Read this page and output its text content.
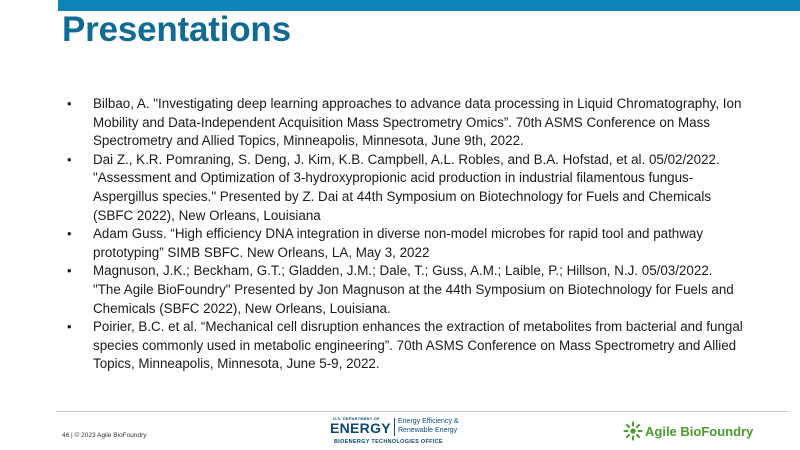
Presentations
• Bilbao, A. "Investigating deep learning approaches to advance data processing in Liquid Chromatography, Ion Mobility and Data-Independent Acquisition Mass Spectrometry Omics”. 70th ASMS Conference on Mass Spectrometry and Allied Topics, Minneapolis, Minnesota, June 9th, 2022.
• Dai Z., K.R. Pomraning, S. Deng, J. Kim, K.B. Campbell, A.L. Robles, and B.A. Hofstad, et al. 05/02/2022. "Assessment and Optimization of 3-hydroxypropionic acid production in industrial filamentous fungus-Aspergillus species." Presented by Z. Dai at 44th Symposium on Biotechnology for Fuels and Chemicals (SBFC 2022), New Orleans, Louisiana
• Adam Guss. “High efficiency DNA integration in diverse non-model microbes for rapid tool and pathway prototyping” SIMB SBFC. New Orleans, LA, May 3, 2022
• Magnuson, J.K.; Beckham, G.T.; Gladden, J.M.; Dale, T.; Guss, A.M.; Laible, P.; Hillson, N.J. 05/03/2022. "The Agile BioFoundry" Presented by Jon Magnuson at the 44th Symposium on Biotechnology for Fuels and Chemicals (SBFC 2022), New Orleans, Louisiana.
• Poirier, B.C. et al. “Mechanical cell disruption enhances the extraction of metabolites from bacterial and fungal species commonly used in metabolic engineering”. 70th ASMS Conference on Mass Spectrometry and Allied Topics, Minneapolis, Minnesota, June 5-9, 2022.
46 | © 2023 Agile BioFoundry
U.S. DEPARTMENT OF
ENERGY Energy Efficiency &
Renewable Energy
BIOENERGY TECHNOLOGIES OFFICE
Agile BioFoundry
